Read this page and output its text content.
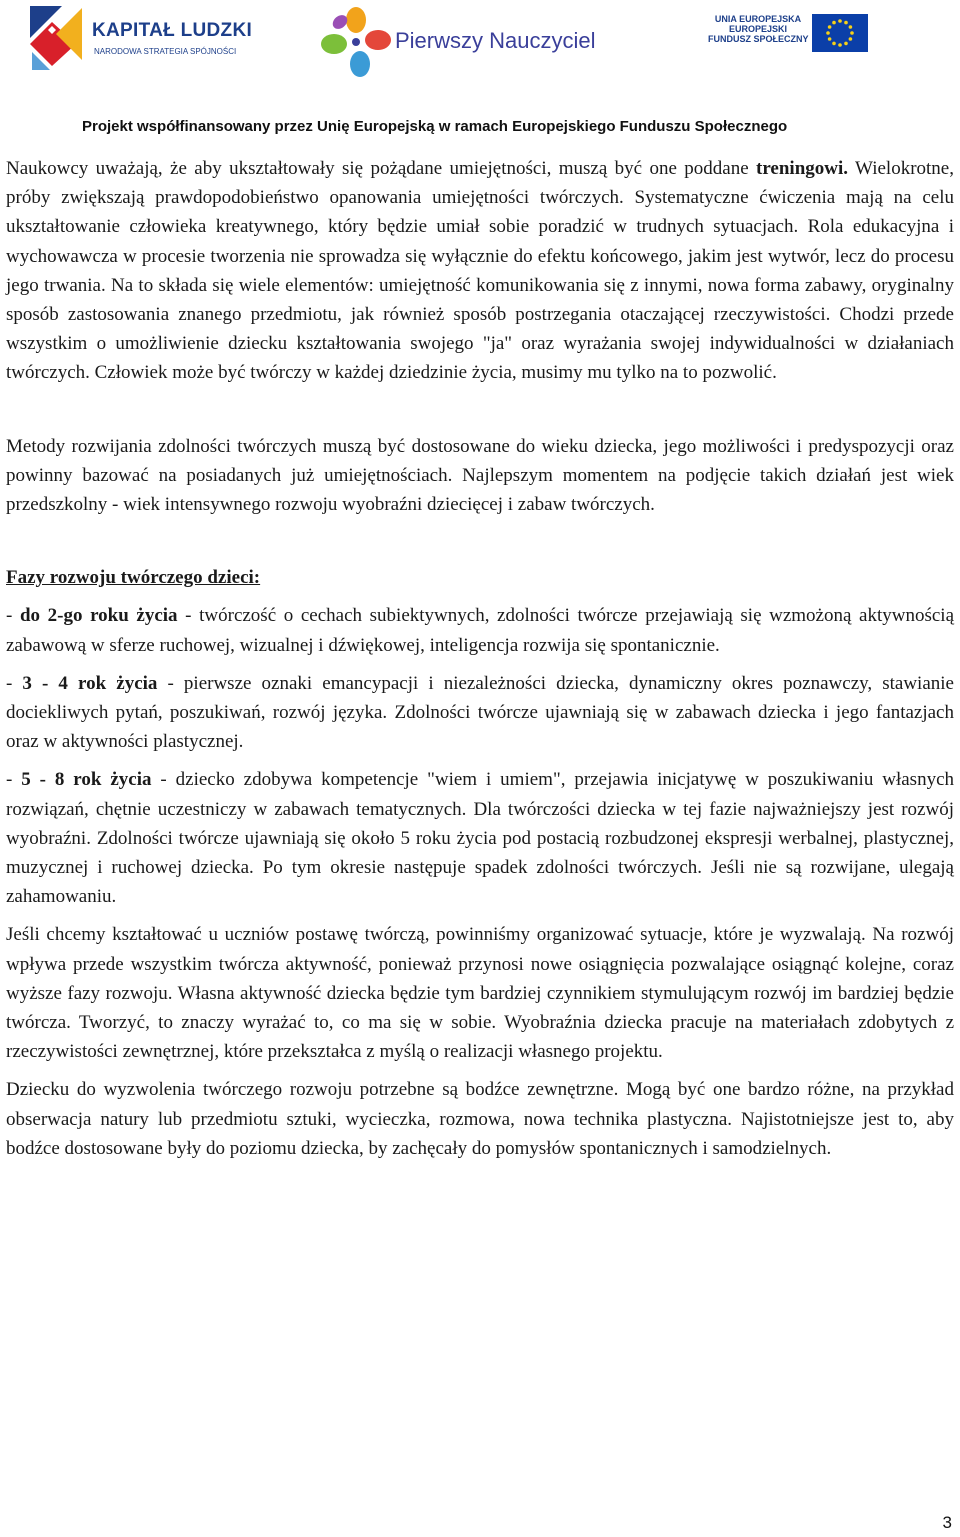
KAPITAŁ LUDZKI
NARODOWA STRATEGIA SPÓJNOŚCI	Pierwszy Nauczyciel
UNIA EUROPEJSKA
EUROPEJSKI
FUNDUSZ SPOŁECZNY
Projekt współfinansowany przez Unię Europejską w ramach Europejskiego Funduszu Społecznego

Naukowcy uważają, że aby ukształtowały się pożądane umiejętności, muszą być one poddane treningowi. Wielokrotne, próby zwiększają prawdopodobieństwo opanowania umiejętności twórczych. Systematyczne ćwiczenia mają na celu ukształtowanie człowieka kreatywnego, który będzie umiał sobie poradzić w trudnych sytuacjach. Rola edukacyjna i wychowawcza w procesie tworzenia nie sprowadza się wyłącznie do efektu końcowego, jakim jest wytwór, lecz do procesu jego trwania. Na to składa się wiele elementów: umiejętność komunikowania się z innymi, nowa forma zabawy, oryginalny sposób zastosowania znanego przedmiotu, jak również sposób postrzegania otaczającej rzeczywistości. Chodzi przede wszystkim o umożliwienie dziecku kształtowania swojego "ja" oraz wyrażania swojej indywidualności w działaniach twórczych. Człowiek może być twórczy w każdej dziedzinie życia, musimy mu tylko na to pozwolić.

Metody rozwijania zdolności twórczych muszą być dostosowane do wieku dziecka, jego możliwości i predyspozycji oraz powinny bazować na posiadanych już umiejętnościach. Najlepszym momentem na podjęcie takich działań jest wiek przedszkolny - wiek intensywnego rozwoju wyobraźni dziecięcej i zabaw twórczych.

Fazy rozwoju twórczego dzieci:

- do 2-go roku życia - twórczość o cechach subiektywnych, zdolności twórcze przejawiają się wzmożoną aktywnością zabawową w sferze ruchowej, wizualnej i dźwiękowej, inteligencja rozwija się spontanicznie.

- 3 - 4 rok życia - pierwsze oznaki emancypacji i niezależności dziecka, dynamiczny okres poznawczy, stawianie dociekliwych pytań, poszukiwań, rozwój języka. Zdolności twórcze ujawniają się w zabawach dziecka i jego fantazjach oraz w aktywności plastycznej.

- 5 - 8 rok życia - dziecko zdobywa kompetencje "wiem i umiem", przejawia inicjatywę w poszukiwaniu własnych rozwiązań, chętnie uczestniczy w zabawach tematycznych. Dla twórczości dziecka w tej fazie najważniejszy jest rozwój wyobraźni. Zdolności twórcze ujawniają się około 5 roku życia pod postacią rozbudzonej ekspresji werbalnej, plastycznej, muzycznej i ruchowej dziecka. Po tym okresie następuje spadek zdolności twórczych. Jeśli nie są rozwijane, ulegają zahamowaniu.

Jeśli chcemy kształtować u uczniów postawę twórczą, powinniśmy organizować sytuacje, które je wyzwalają. Na rozwój wpływa przede wszystkim twórcza aktywność, ponieważ przynosi nowe osiągnięcia pozwalające osiągnąć kolejne, coraz wyższe fazy rozwoju. Własna aktywność dziecka będzie tym bardziej czynnikiem stymulującym rozwój im bardziej będzie twórcza. Tworzyć, to znaczy wyrażać to, co ma się w sobie. Wyobraźnia dziecka pracuje na materiałach zdobytych z rzeczywistości zewnętrznej, które przekształca z myślą o realizacji własnego projektu.

Dziecku do wyzwolenia twórczego rozwoju potrzebne są bodźce zewnętrzne. Mogą być one bardzo różne, na przykład obserwacja natury lub przedmiotu sztuki, wycieczka, rozmowa, nowa technika plastyczna. Najistotniejsze jest to, aby bodźce dostosowane były do poziomu dziecka, by zachęcały do pomysłów spontanicznych i samodzielnych.

3
